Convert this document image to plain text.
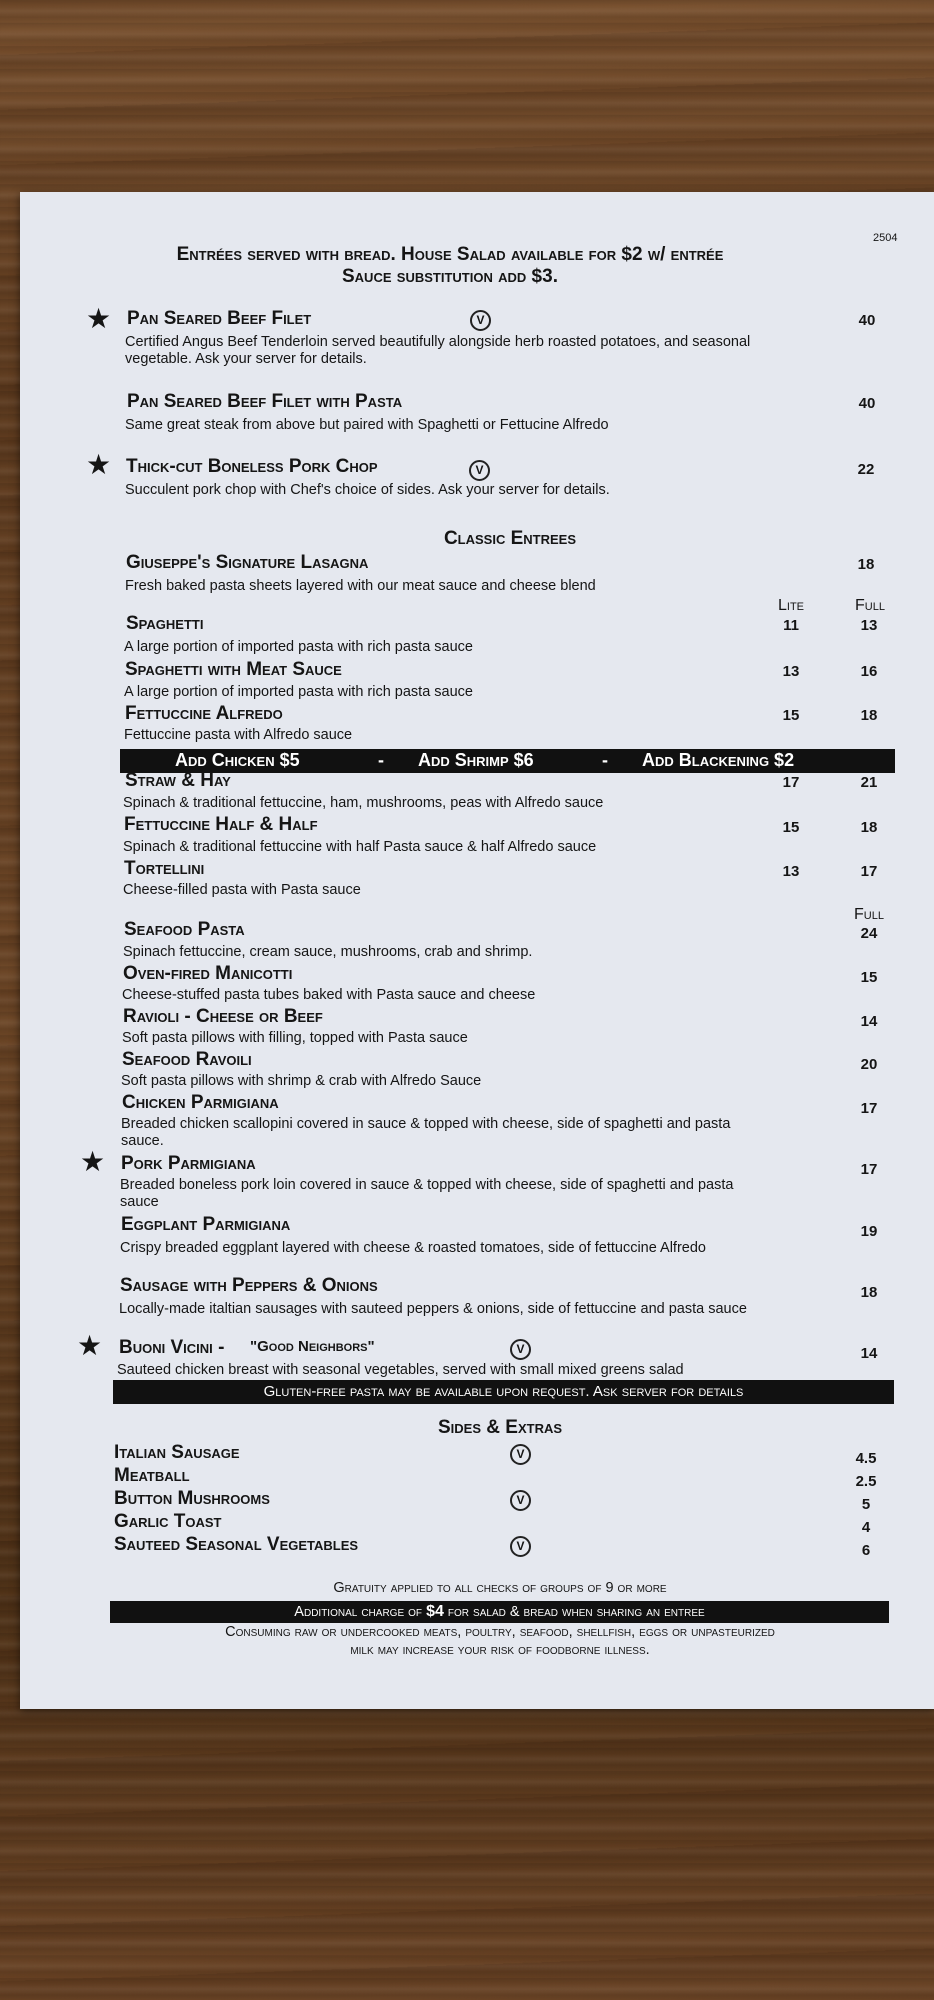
2504
Entrées served with bread. House Salad available for $2 w/ entrée
Sauce substitution add $3.
★ Pan Seared Beef Filet	V	40
Certified Angus Beef Tenderloin served beautifully alongside herb roasted potatoes, and seasonal vegetable. Ask your server for details.
Pan Seared Beef Filet with Pasta	40
Same great steak from above but paired with Spaghetti or Fettucine Alfredo
★ Thick-cut Boneless Pork Chop	V	22
Succulent pork chop with Chef's choice of sides. Ask your server for details.
Classic Entrees
Giuseppe's Signature Lasagna	18
Fresh baked pasta sheets layered with our meat sauce and cheese blend
Lite	Full
Spaghetti	11	13
A large portion of imported pasta with rich pasta sauce
Spaghetti with Meat Sauce	13	16
A large portion of imported pasta with rich pasta sauce
Fettuccine Alfredo	15	18
Fettuccine pasta with Alfredo sauce
Add Chicken $5	- Add Shrimp $6	- Add Blackening $2
Straw & Hay	17	21
Spinach & traditional fettuccine, ham, mushrooms, peas with Alfredo sauce
Fettuccine Half & Half	15	18
Spinach & traditional fettuccine with half Pasta sauce & half Alfredo sauce
Tortellini	13	17
Cheese-filled pasta with Pasta sauce
Full
Seafood Pasta	24
Spinach fettuccine, cream sauce, mushrooms, crab and shrimp.
Oven-fired Manicotti	15
Cheese-stuffed pasta tubes baked with Pasta sauce and cheese
Ravioli - Cheese or Beef	14
Soft pasta pillows with filling, topped with Pasta sauce
Seafood Ravoili	20
Soft pasta pillows with shrimp & crab with Alfredo Sauce
Chicken Parmigiana	17
Breaded chicken scallopini covered in sauce & topped with cheese, side of spaghetti and pasta sauce.
★ Pork Parmigiana	17
Breaded boneless pork loin covered in sauce & topped with cheese, side of spaghetti and pasta sauce
Eggplant Parmigiana	19
Crispy breaded eggplant layered with cheese & roasted tomatoes, side of fettuccine Alfredo
Sausage with Peppers & Onions	18
Locally-made italtian sausages with sauteed peppers & onions, side of fettuccine and pasta sauce
★ Buoni Vicini - "Good Neighbors"	V	14
Sauteed chicken breast with seasonal vegetables, served with small mixed greens salad
Gluten-free pasta may be available upon request. Ask server for details
Sides & Extras
Italian Sausage	V	4.5
Meatball	2.5
Button Mushrooms	V	5
Garlic Toast	4
Sauteed Seasonal Vegetables	V	6
Gratuity applied to all checks of groups of 9 or more
Additional charge of $4 for salad & bread when sharing an entree
Consuming raw or undercooked meats, poultry, seafood, shellfish, eggs or unpasteurized
milk may increase your risk of foodborne illness.
